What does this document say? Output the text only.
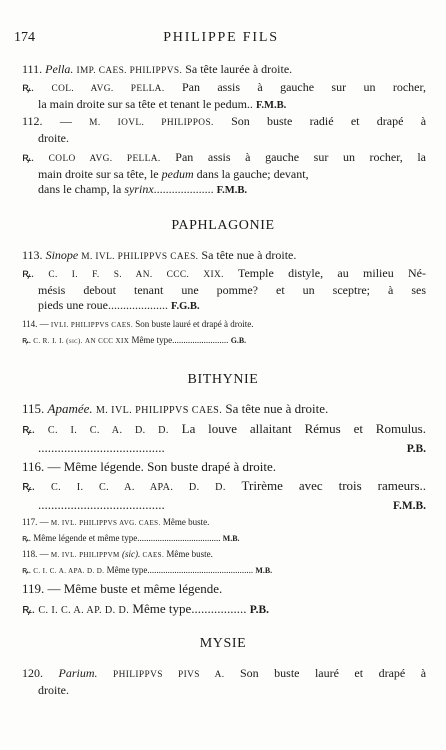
174	PHILIPPE FILS
111. Pella. IMP. CAES. PHILIPPVS. Sa tête laurée à droite.
ꝶ. COL. AVG. PELLA. Pan assis à gauche sur un rocher,
la main droite sur sa tête et tenant le pedum.. F.M.B.
112. — M. IOVL. PHILIPPOS. Son buste radié et drapé à
droite.
ꝶ. COLO AVG. PELLA. Pan assis à gauche sur un rocher, la
main droite sur sa tête, le pedum dans la gauche; devant,
dans le champ, la syrinx.................... F.M.B.
PAPHLAGONIE
113. Sinope M. IVL. PHILIPPVS CAES. Sa tête nue à droite.
ꝶ. C. I. F. S. AN. CCC. XIX. Temple distyle, au milieu Né-
mésis debout tenant une pomme? et un sceptre; à ses
pieds une roue.................... F.G.B.
114. — IVLI. PHILIPPVS CAES. Son buste lauré et drapé à droite.
ꝶ. C. R. I. I. (sic). AN CCC XIX Même type......................... G.B.
BITHYNIE
115. Apamée. M. IVL. PHILIPPVS CAES. Sa tête nue à droite.
ꝶ. C. I. C. A. D. D. La louve allaitant Rémus et Romulus.
.......................................	P.B.
116. — Même légende. Son buste drapé à droite.
ꝶ. C. I. C. A. APA. D. D. Trirème avec trois rameurs..
.......................................	F.M.B.
117. — M. IVL. PHILIPPVS AVG. CAES. Même buste.
ꝶ. Même légende et même type..................................... M.B.
118. — M. IVL. PHILIPPVM (sic). CAES. Même buste.
ꝶ. C. I. C. A. APA. D. D. Même type............................................... M.B.
119. — Même buste et même légende.
ꝶ. C. I. C. A. AP. D. D. Même type................. P.B.
MYSIE
120. Parium. PHILIPPVS PIVS A. Son buste lauré et drapé à
droite.
